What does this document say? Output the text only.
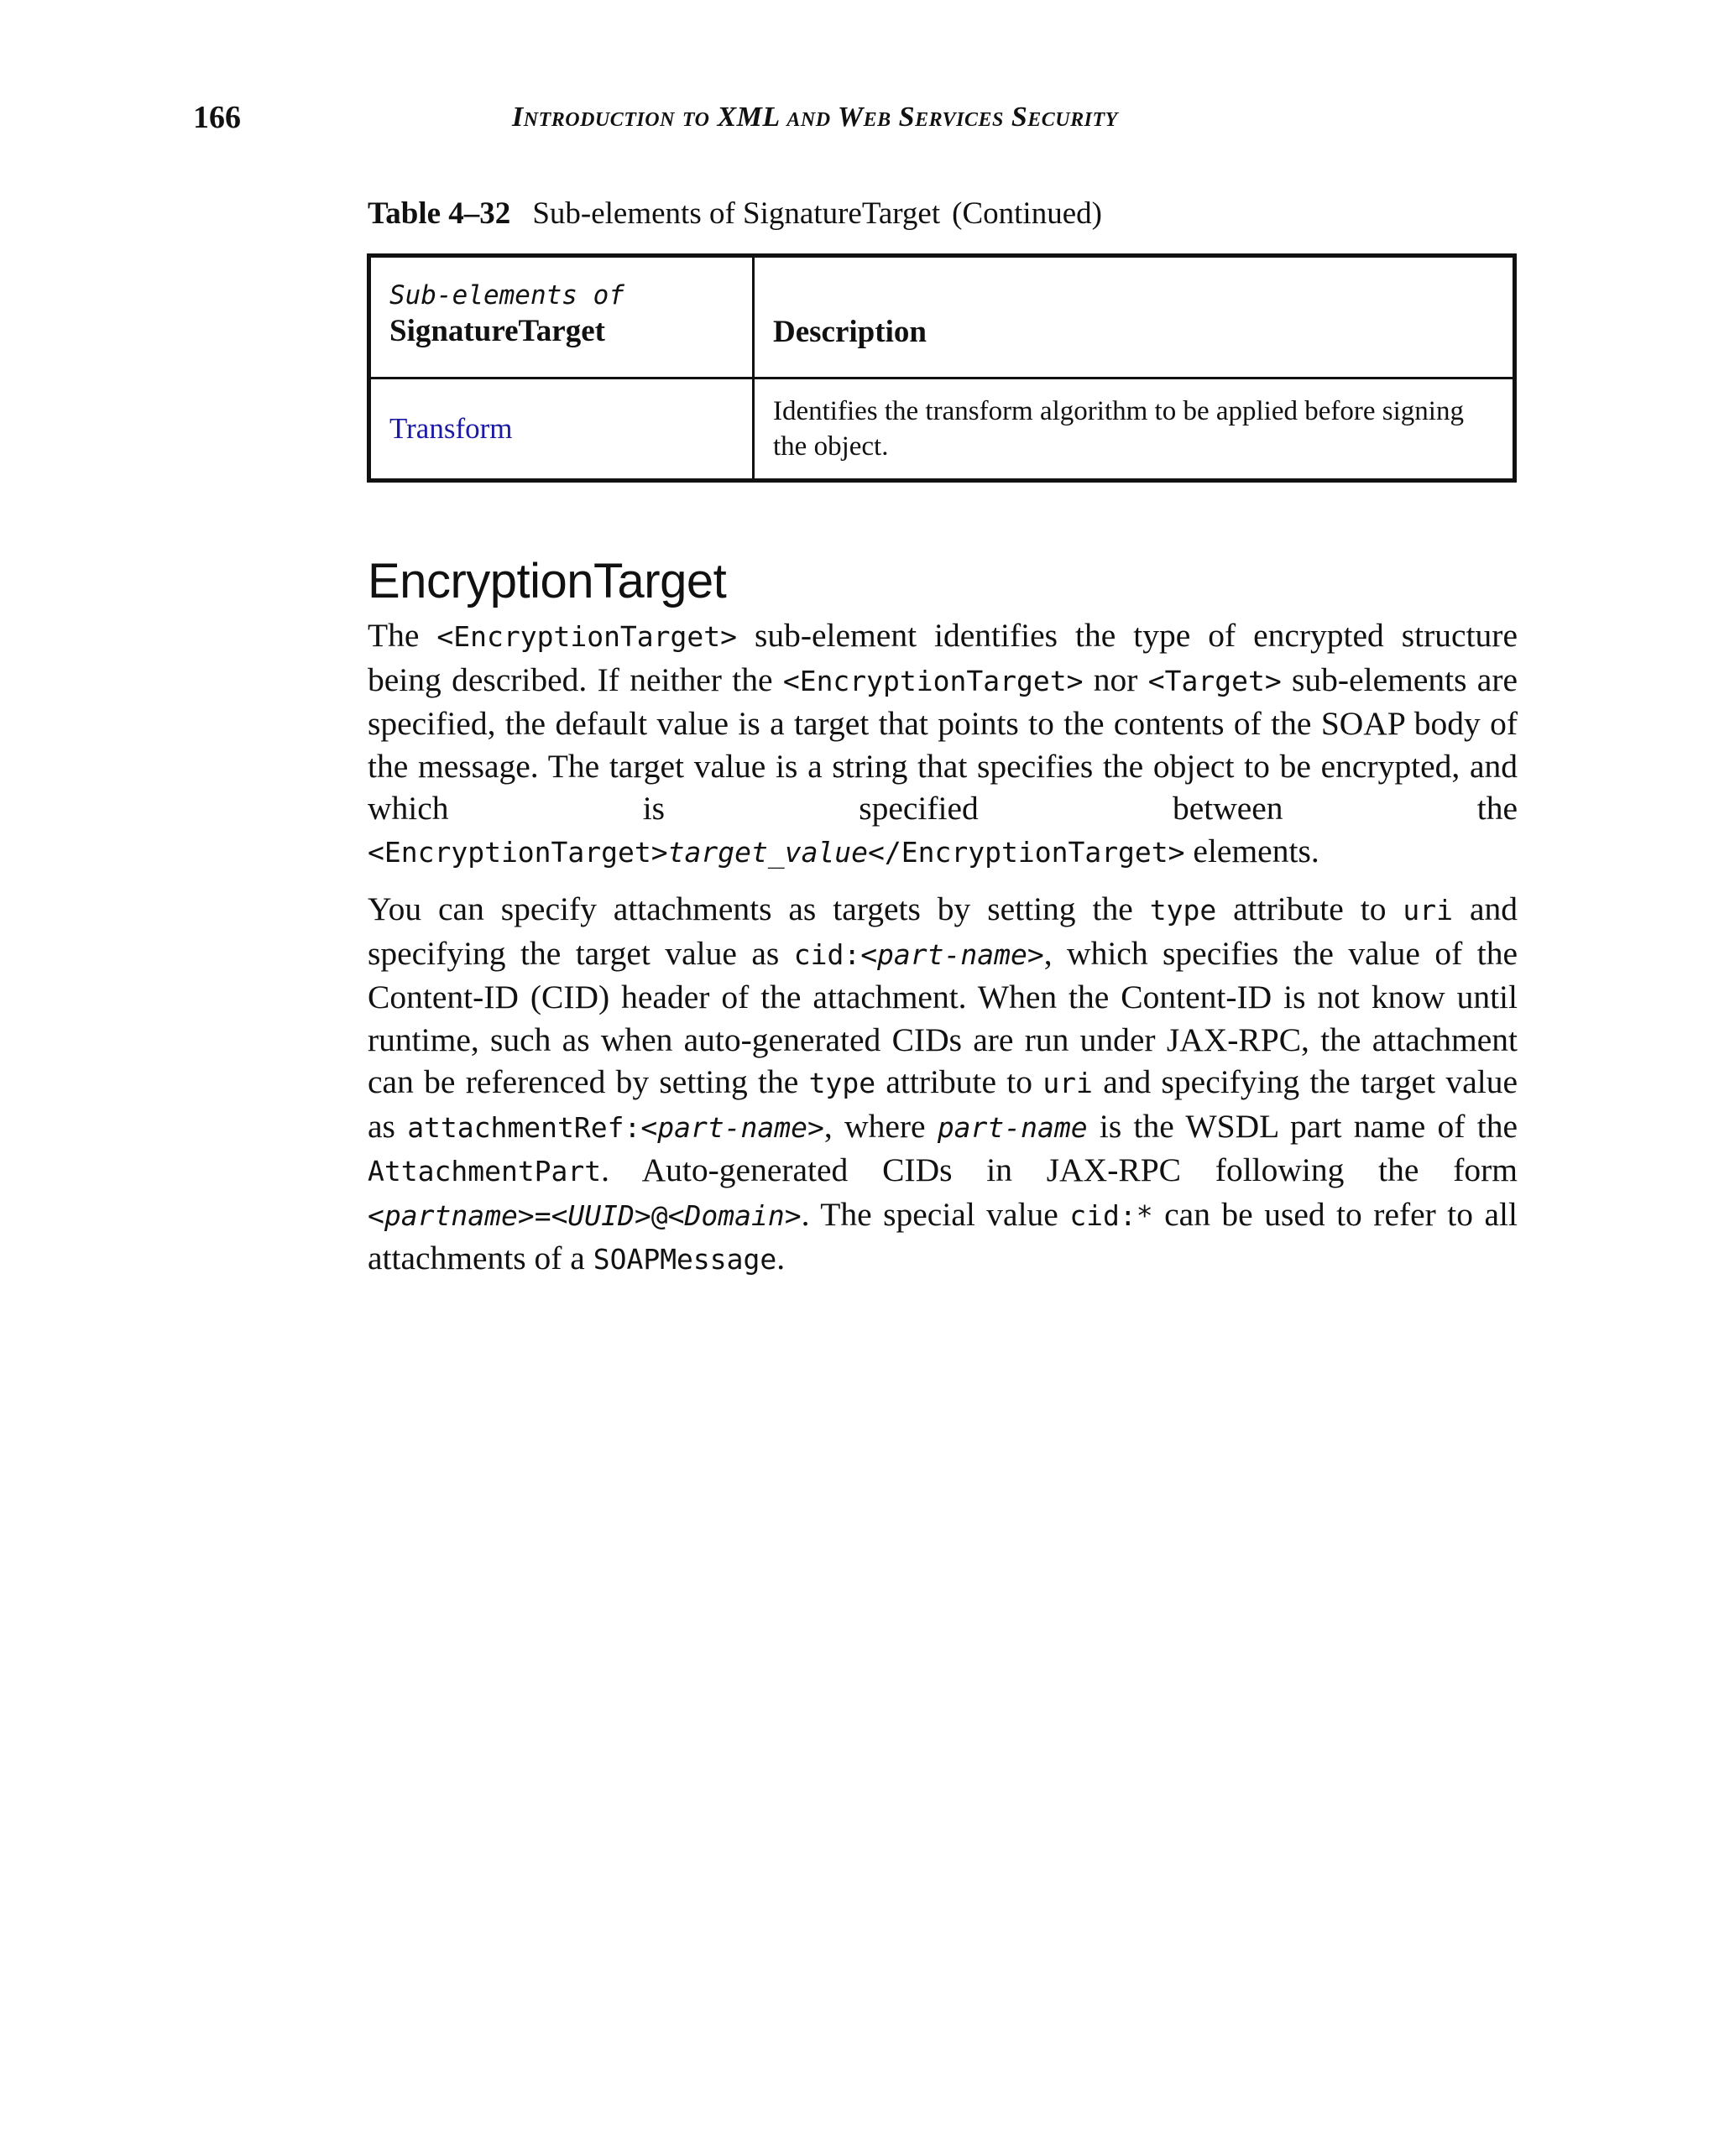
166	Introduction to XML and Web Services Security
Table 4–32 Sub-elements of SignatureTarget (Continued)
Sub-elements of
SignatureTarget	Description

Transform	Identifies the transform algorithm to be applied before signing the object.
EncryptionTarget

The <EncryptionTarget> sub-element identifies the type of encrypted structure being described. If neither the <EncryptionTarget> nor <Target> sub-elements are specified, the default value is a target that points to the contents of the SOAP body of the message. The target value is a string that specifies the object to be encrypted, and which is specified between the <EncryptionTarget>target_value</EncryptionTarget> elements.

You can specify attachments as targets by setting the type attribute to uri and specifying the target value as cid:<part-name>, which specifies the value of the Content-ID (CID) header of the attachment. When the Content-ID is not know until runtime, such as when auto-generated CIDs are run under JAX-RPC, the attachment can be referenced by setting the type attribute to uri and specifying the target value as attachmentRef:<part-name>, where part-name is the WSDL part name of the AttachmentPart. Auto-generated CIDs in JAX-RPC following the form <partname>=<UUID>@<Domain>. The special value cid:* can be used to refer to all attachments of a SOAPMessage.
